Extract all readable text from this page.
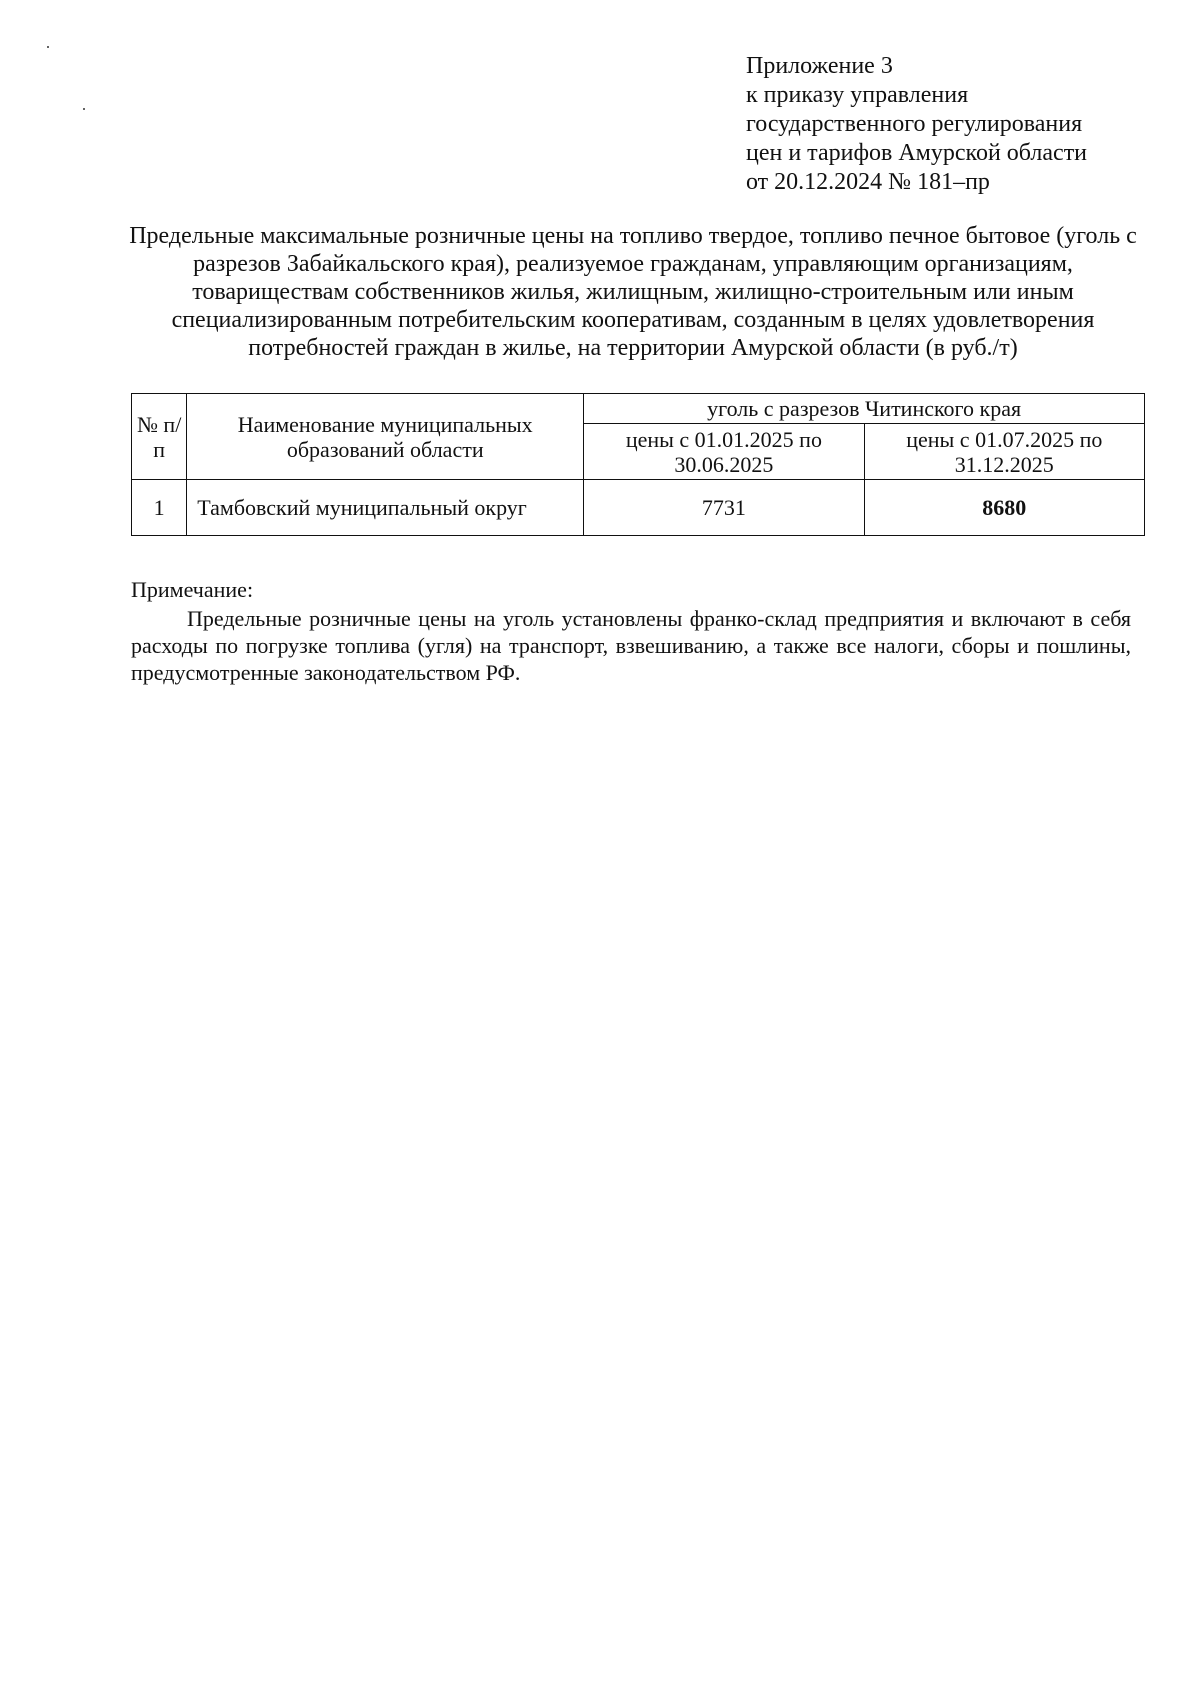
Приложение 3
к приказу управления
государственного регулирования
цен и тарифов Амурской области
от 20.12.2024 № 181–пр
Предельные максимальные розничные цены на топливо твердое, топливо печное бытовое (уголь с разрезов Забайкальского края), реализуемое гражданам, управляющим организациям, товариществам собственников жилья, жилищным, жилищно-строительным или иным специализированным потребительским кооперативам, созданным в целях удовлетворения потребностей граждан в жилье, на территории Амурской области (в руб./т)
№ п/п	Наименование муниципальных образований области	уголь с разрезов Читинского края	
		цены с 01.01.2025 по 30.06.2025	цены с 01.07.2025 по 31.12.2025
1	Тамбовский муниципальный округ	7731	8680
Примечание:
Предельные розничные цены на уголь установлены франко-склад предприятия и включают в себя расходы по погрузке топлива (угля) на транспорт, взвешиванию, а также все налоги, сборы и пошлины, предусмотренные законодательством РФ.
